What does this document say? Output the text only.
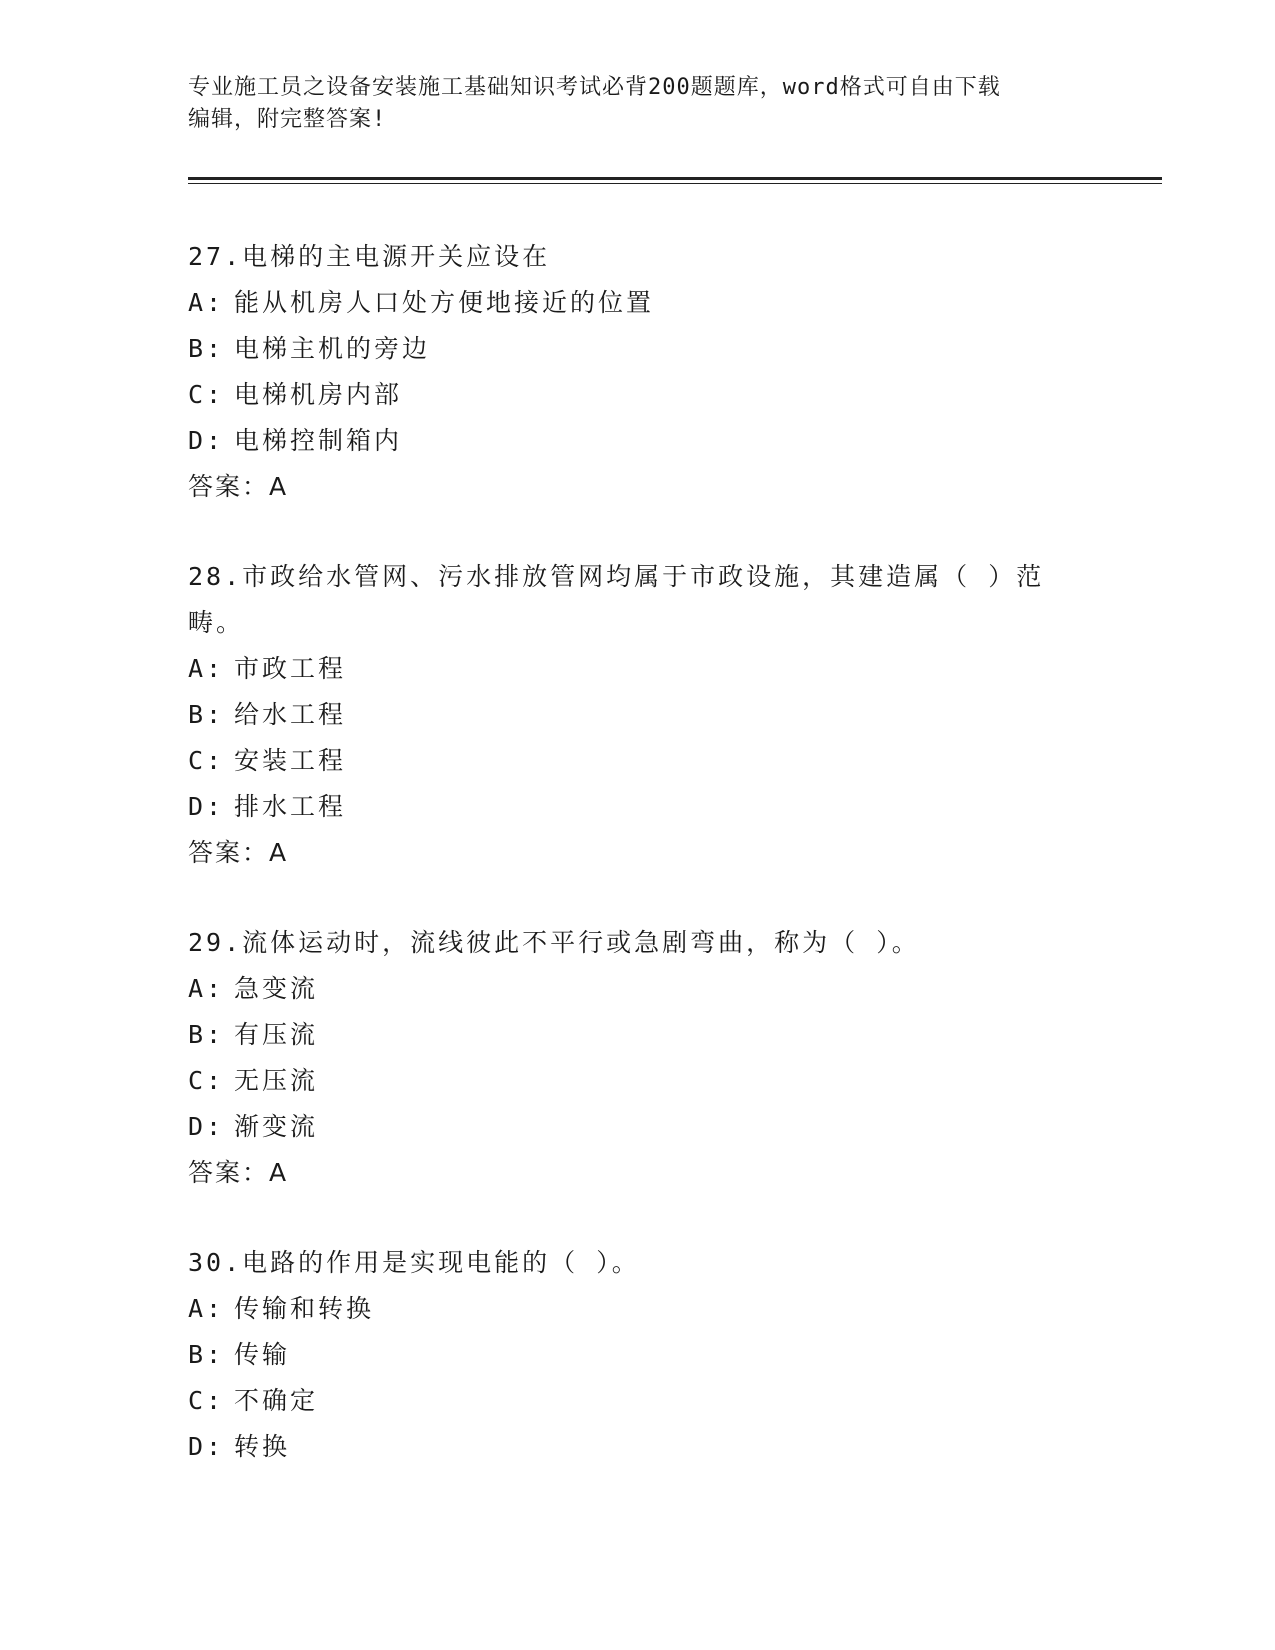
专业施工员之设备安装施工基础知识考试必背200题题库，word格式可自由下载
编辑，附完整答案!
27.电梯的主电源开关应设在
A: 能从机房人口处方便地接近的位置
B: 电梯主机的旁边
C: 电梯机房内部
D: 电梯控制箱内
答案：A
28.市政给水管网、污水排放管网均属于市政设施，其建造属（ ）范畴。
A: 市政工程
B: 给水工程
C: 安装工程
D: 排水工程
答案：A
29.流体运动时，流线彼此不平行或急剧弯曲，称为（ ）。
A: 急变流
B: 有压流
C: 无压流
D: 渐变流
答案：A
30.电路的作用是实现电能的（ ）。
A: 传输和转换
B: 传输
C: 不确定
D: 转换
